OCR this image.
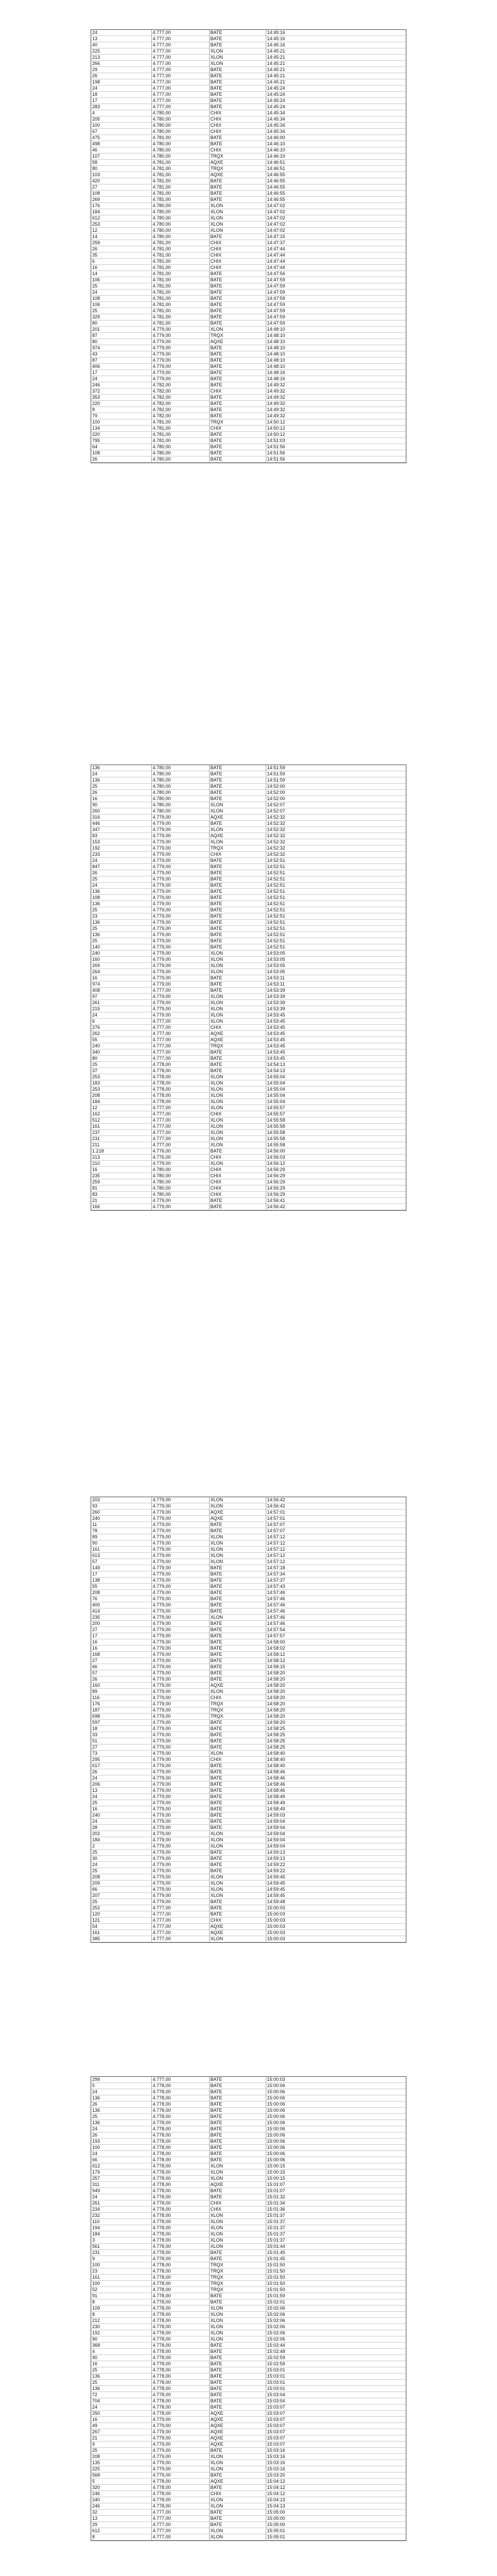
24	4.777,00	BATE	14:45:16
13	4.777,00	BATE	14:45:16
40	4.777,00	BATE	14:45:16
225	4.777,00	XLON	14:45:21
213	4.777,00	XLON	14:45:21
266	4.777,00	XLON	14:45:21
29	4.777,00	BATE	14:45:21
26	4.777,00	BATE	14:45:21
198	4.777,00	BATE	14:45:21
24	4.777,00	BATE	14:45:24
18	4.777,00	BATE	14:45:24
17	4.777,00	BATE	14:45:24
283	4.777,00	BATE	14:45:24
4	4.780,00	CHIX	14:45:34
205	4.780,00	CHIX	14:45:34
100	4.780,00	CHIX	14:45:34
67	4.780,00	CHIX	14:45:34
475	4.781,00	BATE	14:46:00
498	4.780,00	BATE	14:46:10
46	4.780,00	CHIX	14:46:10
107	4.780,00	TRQX	14:46:10
58	4.781,00	AQXE	14:46:51
80	4.781,00	TRQX	14:46:51
103	4.781,00	AQXE	14:46:55
420	4.781,00	BATE	14:46:55
27	4.781,00	BATE	14:46:55
108	4.781,00	BATE	14:46:55
269	4.781,00	BATE	14:46:55
176	4.780,00	XLON	14:47:02
184	4.780,00	XLON	14:47:02
612	4.780,00	XLON	14:47:02
253	4.780,00	XLON	14:47:02
12	4.780,00	XLON	14:47:02
14	4.780,00	BATE	14:47:15
259	4.781,00	CHIX	14:47:37
26	4.781,00	CHIX	14:47:44
35	4.781,00	CHIX	14:47:44
6	4.781,00	CHIX	14:47:44
16	4.781,00	CHIX	14:47:44
14	4.781,00	BATE	14:47:56
106	4.781,00	BATE	14:47:59
25	4.781,00	BATE	14:47:59
24	4.781,00	BATE	14:47:59
108	4.781,00	BATE	14:47:59
106	4.781,00	BATE	14:47:59
25	4.781,00	BATE	14:47:59
329	4.781,00	BATE	14:47:59
80	4.781,00	BATE	14:47:59
201	4.779,00	XLON	14:48:10
87	4.779,00	TRQX	14:48:10
80	4.779,00	AQXE	14:48:10
974	4.779,00	BATE	14:48:10
43	4.779,00	BATE	14:48:10
87	4.779,00	BATE	14:48:10
406	4.779,00	BATE	14:48:10
17	4.779,00	BATE	14:48:16
24	4.779,00	BATE	14:48:16
246	4.782,00	BATE	14:49:32
372	4.782,00	CHIX	14:49:32
353	4.782,00	BATE	14:49:32
220	4.782,00	BATE	14:49:32
8	4.782,00	BATE	14:49:32
79	4.782,00	BATE	14:49:32
100	4.781,00	TRQX	14:50:12
134	4.781,00	CHIX	14:50:12
220	4.781,00	BATE	14:50:12
795	4.781,00	BATE	14:51:03
64	4.780,00	BATE	14:51:56
108	4.780,00	BATE	14:51:56
26	4.780,00	BATE	14:51:56
136	4.780,00	BATE	14:51:59
24	4.780,00	BATE	14:51:59
136	4.780,00	BATE	14:51:59
25	4.780,00	BATE	14:52:00
26	4.780,00	BATE	14:52:00
16	4.780,00	BATE	14:52:00
90	4.780,00	XLON	14:52:07
260	4.780,00	XLON	14:52:07
316	4.779,00	AQXE	14:52:32
446	4.779,00	BATE	14:52:32
347	4.779,00	XLON	14:52:32
83	4.779,00	AQXE	14:52:32
153	4.779,00	XLON	14:52:32
192	4.779,00	TRQX	14:52:32
233	4.779,00	CHIX	14:52:32
24	4.779,00	BATE	14:52:51
847	4.779,00	BATE	14:52:51
26	4.779,00	BATE	14:52:51
25	4.779,00	BATE	14:52:51
24	4.779,00	BATE	14:52:51
136	4.779,00	BATE	14:52:51
108	4.779,00	BATE	14:52:51
136	4.779,00	BATE	14:52:51
25	4.779,00	BATE	14:52:51
23	4.779,00	BATE	14:52:51
136	4.779,00	BATE	14:52:51
25	4.779,00	BATE	14:52:51
136	4.779,00	BATE	14:52:51
25	4.779,00	BATE	14:52:51
140	4.779,00	BATE	14:52:51
240	4.779,00	XLON	14:53:05
160	4.779,00	XLON	14:53:05
269	4.779,00	XLON	14:53:05
264	4.779,00	XLON	14:53:05
16	4.779,00	BATE	14:53:11
974	4.779,00	BATE	14:53:11
408	4.777,00	BATE	14:53:39
97	4.779,00	XLON	14:53:39
261	4.779,00	XLON	14:53:39
215	4.779,00	XLON	14:53:39
24	4.779,00	XLON	14:53:45
6	4.777,00	XLON	14:53:45
276	4.777,00	CHIX	14:53:45
262	4.777,00	AQXE	14:53:45
55	4.777,00	AQXE	14:53:45
240	4.777,00	TRQX	14:53:45
340	4.777,00	BATE	14:53:45
80	4.777,00	BATE	14:53:45
25	4.778,00	BATE	14:54:13
37	4.778,00	BATE	14:54:13
253	4.778,00	XLON	14:55:04
183	4.778,00	XLON	14:55:04
253	4.778,00	XLON	14:55:04
208	4.778,00	XLON	14:55:04
184	4.778,00	XLON	14:55:04
12	4.777,00	XLON	14:55:57
162	4.777,00	CHIX	14:55:57
512	4.777,00	XLON	14:55:58
161	4.777,00	XLON	14:55:58
237	4.777,00	XLON	14:55:58
231	4.777,00	XLON	14:55:58
211	4.777,00	XLON	14:55:58
1.218	4.776,00	BATE	14:56:00
213	4.776,00	CHIX	14:56:03
210	4.779,00	XLON	14:56:12
16	4.780,00	CHIX	14:56:29
235	4.780,00	CHIX	14:56:29
259	4.780,00	CHIX	14:56:29
81	4.780,00	CHIX	14:56:29
83	4.780,00	CHIX	14:56:29
21	4.779,00	BATE	14:56:41
166	4.779,00	BATE	14:56:42
203	4.779,00	XLON	14:56:42
93	4.779,00	XLON	14:56:42
260	4.779,00	AQXE	14:57:01
240	4.779,00	AQXE	14:57:01
11	4.779,00	BATE	14:57:07
78	4.779,00	BATE	14:57:07
89	4.779,00	XLON	14:57:12
90	4.779,00	XLON	14:57:12
161	4.779,00	XLON	14:57:12
613	4.779,00	XLON	14:57:12
57	4.779,00	XLON	14:57:12
149	4.779,00	BATE	14:57:18
17	4.779,00	BATE	14:57:34
138	4.779,00	BATE	14:57:37
55	4.779,00	BATE	14:57:43
208	4.779,00	BATE	14:57:46
76	4.779,00	BATE	14:57:46
400	4.779,00	BATE	14:57:46
414	4.779,00	BATE	14:57:46
235	4.779,00	XLON	14:57:46
200	4.779,00	BATE	14:57:46
27	4.779,00	BATE	14:57:54
17	4.779,00	BATE	14:57:57
16	4.779,00	BATE	14:58:00
16	4.779,00	BATE	14:58:02
168	4.779,00	BATE	14:58:12
27	4.779,00	BATE	14:58:12
66	4.779,00	BATE	14:58:15
57	4.779,00	BATE	14:58:20
26	4.779,00	BATE	14:58:20
160	4.779,00	AQXE	14:58:20
89	4.779,00	XLON	14:58:20
116	4.779,00	CHIX	14:58:20
176	4.779,00	TRQX	14:58:20
187	4.779,00	TRQX	14:58:20
698	4.779,00	TRQX	14:58:20
597	4.779,00	BATE	14:58:20
18	4.779,00	BATE	14:58:25
33	4.779,00	BATE	14:58:25
51	4.779,00	BATE	14:58:25
27	4.779,00	BATE	14:58:25
73	4.779,00	XLON	14:58:40
295	4.779,00	CHIX	14:58:40
617	4.779,00	BATE	14:58:40
26	4.779,00	BATE	14:58:46
24	4.779,00	BATE	14:58:46
206	4.779,00	BATE	14:58:46
13	4.779,00	BATE	14:58:46
24	4.779,00	BATE	14:58:49
25	4.779,00	BATE	14:58:49
16	4.779,00	BATE	14:58:49
240	4.779,00	BATE	14:59:03
24	4.779,00	BATE	14:59:04
28	4.779,00	BATE	14:59:04
202	4.779,00	XLON	14:59:04
184	4.779,00	XLON	14:59:04
2	4.779,00	XLON	14:59:04
25	4.779,00	BATE	14:59:13
30	4.779,00	BATE	14:59:13
24	4.779,00	BATE	14:59:22
25	4.779,00	BATE	14:59:22
208	4.779,00	XLON	14:59:45
209	4.779,00	XLON	14:59:45
66	4.779,00	XLON	14:59:45
207	4.779,00	XLON	14:59:45
25	4.779,00	BATE	14:59:48
252	4.777,00	BATE	15:00:03
120	4.777,00	BATE	15:00:03
121	4.777,00	CHIX	15:00:03
54	4.777,00	AQXE	15:00:03
161	4.777,00	AQXE	15:00:03
385	4.777,00	XLON	15:00:03
299	4.777,00	BATE	15:00:03
5	4.778,00	BATE	15:00:06
24	4.778,00	BATE	15:00:06
136	4.778,00	BATE	15:00:06
26	4.778,00	BATE	15:00:06
136	4.778,00	BATE	15:00:06
25	4.778,00	BATE	15:00:06
136	4.778,00	BATE	15:00:06
24	4.778,00	BATE	15:00:06
26	4.778,00	BATE	15:00:06
193	4.778,00	BATE	15:00:06
100	4.778,00	BATE	15:00:06
24	4.778,00	BATE	15:00:06
66	4.778,00	BATE	15:00:06
612	4.778,00	XLON	15:00:15
179	4.778,00	XLON	15:00:15
257	4.778,00	XLON	15:00:15
311	4.778,00	AQXE	15:01:07
949	4.778,00	BATE	15:01:07
24	4.778,00	BATE	15:01:32
261	4.778,00	CHIX	15:01:34
234	4.778,00	CHIX	15:01:36
232	4.778,00	XLON	15:01:37
110	4.778,00	XLON	15:01:37
194	4.778,00	XLON	15:01:37
184	4.778,00	XLON	15:01:37
3	4.778,00	XLON	15:01:37
561	4.778,00	XLON	15:01:44
231	4.778,00	BATE	15:01:45
9	4.778,00	BATE	15:01:45
100	4.778,00	TRQX	15:01:50
23	4.778,00	TRQX	15:01:50
161	4.778,00	TRQX	15:01:50
100	4.778,00	TRQX	15:01:50
52	4.778,00	TRQX	15:01:50
91	4.778,00	BATE	15:01:59
8	4.778,00	BATE	15:02:01
109	4.778,00	XLON	15:02:06
8	4.778,00	XLON	15:02:06
212	4.778,00	XLON	15:02:06
230	4.778,00	XLON	15:02:06
192	4.778,00	XLON	15:02:06
90	4.778,00	XLON	15:02:06
368	4.778,00	BATE	15:02:44
4	4.778,00	BATE	15:02:48
90	4.778,00	BATE	15:02:59
16	4.778,00	BATE	15:02:59
25	4.778,00	BATE	15:03:01
136	4.778,00	BATE	15:03:01
25	4.778,00	BATE	15:03:01
136	4.778,00	BATE	15:03:01
72	4.778,00	BATE	15:03:04
704	4.778,00	BATE	15:03:04
24	4.778,00	BATE	15:03:07
250	4.778,00	AQXE	15:03:07
16	4.779,00	AQXE	15:03:07
49	4.779,00	AQXE	15:03:07
267	4.779,00	AQXE	15:03:07
21	4.779,00	AQXE	15:03:07
9	4.779,00	AQXE	15:03:07
25	4.779,00	BATE	15:03:16
208	4.779,00	XLON	15:03:16
135	4.779,00	XLON	15:03:16
225	4.779,00	XLON	15:03:16
568	4.779,00	BATE	15:03:20
5	4.778,00	AQXE	15:04:12
320	4.778,00	BATE	15:04:12
246	4.778,00	CHIX	15:04:12
240	4.778,00	XLON	15:04:13
246	4.778,00	XLON	15:04:13
32	4.777,00	BATE	15:05:00
13	4.777,00	BATE	15:05:00
29	4.777,00	BATE	15:05:00
612	4.777,00	XLON	15:05:01
8	4.777,00	XLON	15:05:01
